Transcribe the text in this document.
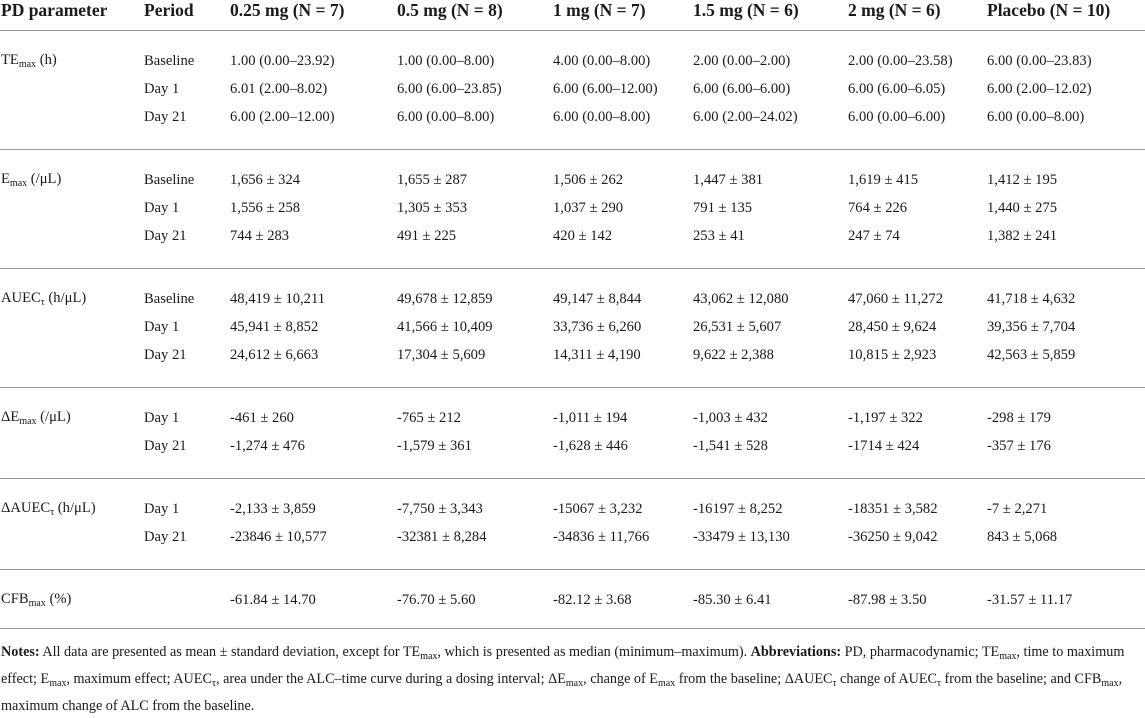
PD parameter	Period	0.25 mg (N = 7)	0.5 mg (N = 8)	1 mg (N = 7)	1.5 mg (N = 6)	2 mg (N = 6)	Placebo (N = 10)
$TE_{max}$ (h)	Baseline	1.00 (0.00–23.92)	1.00 (0.00–8.00)	4.00 (0.00–8.00)	2.00 (0.00–2.00)	2.00 (0.00–23.58)	6.00 (0.00–23.83)
	Day 1	6.01 (2.00–8.02)	6.00 (6.00–23.85)	6.00 (6.00–12.00)	6.00 (6.00–6.00)	6.00 (6.00–6.05)	6.00 (2.00–12.02)
	Day 21	6.00 (2.00–12.00)	6.00 (0.00–8.00)	6.00 (0.00–8.00)	6.00 (2.00–24.02)	6.00 (0.00–6.00)	6.00 (0.00–8.00)
$E_{max}$ (/μL)	Baseline	1,656 ± 324	1,655 ± 287	1,506 ± 262	1,447 ± 381	1,619 ± 415	1,412 ± 195
	Day 1	1,556 ± 258	1,305 ± 353	1,037 ± 290	791 ± 135	764 ± 226	1,440 ± 275
	Day 21	744 ± 283	491 ± 225	420 ± 142	253 ± 41	247 ± 74	1,382 ± 241
$AUEC_\tau$ (h/μL)	Baseline	48,419 ± 10,211	49,678 ± 12,859	49,147 ± 8,844	43,062 ± 12,080	47,060 ± 11,272	41,718 ± 4,632
	Day 1	45,941 ± 8,852	41,566 ± 10,409	33,736 ± 6,260	26,531 ± 5,607	28,450 ± 9,624	39,356 ± 7,704
	Day 21	24,612 ± 6,663	17,304 ± 5,609	14,311 ± 4,190	9,622 ± 2,388	10,815 ± 2,923	42,563 ± 5,859
$\Delta E_{max}$ (/μL)	Day 1	-461 ± 260	-765 ± 212	-1,011 ± 194	-1,003 ± 432	-1,197 ± 322	-298 ± 179
	Day 21	-1,274 ± 476	-1,579 ± 361	-1,628 ± 446	-1,541 ± 528	-1714 ± 424	-357 ± 176
$\Delta AUEC_\tau$ (h/μL)	Day 1	-2,133 ± 3,859	-7,750 ± 3,343	-15067 ± 3,232	-16197 ± 8,252	-18351 ± 3,582	-7 ± 2,271
	Day 21	-23846 ± 10,577	-32381 ± 8,284	-34836 ± 11,766	-33479 ± 13,130	-36250 ± 9,042	843 ± 5,068
$CFB_{max}$ (%)		-61.84 ± 14.70	-76.70 ± 5.60	-82.12 ± 3.68	-85.30 ± 6.41	-87.98 ± 3.50	-31.57 ± 11.17
Notes: All data are presented as mean ± standard deviation, except for $TE_{max}$, which is presented as median (minimum–maximum). Abbreviations: PD, pharmacodynamic; $TE_{max}$, time to maximum effect; $E_{max}$, maximum effect; $AUEC_\tau$, area under the ALC–time curve during a dosing interval; $\Delta E_{max}$, change of $E_{max}$ from the baseline; $\Delta AUEC_\tau$ change of $AUEC_\tau$ from the baseline; and $CFB_{max}$, maximum change of ALC from the baseline.
